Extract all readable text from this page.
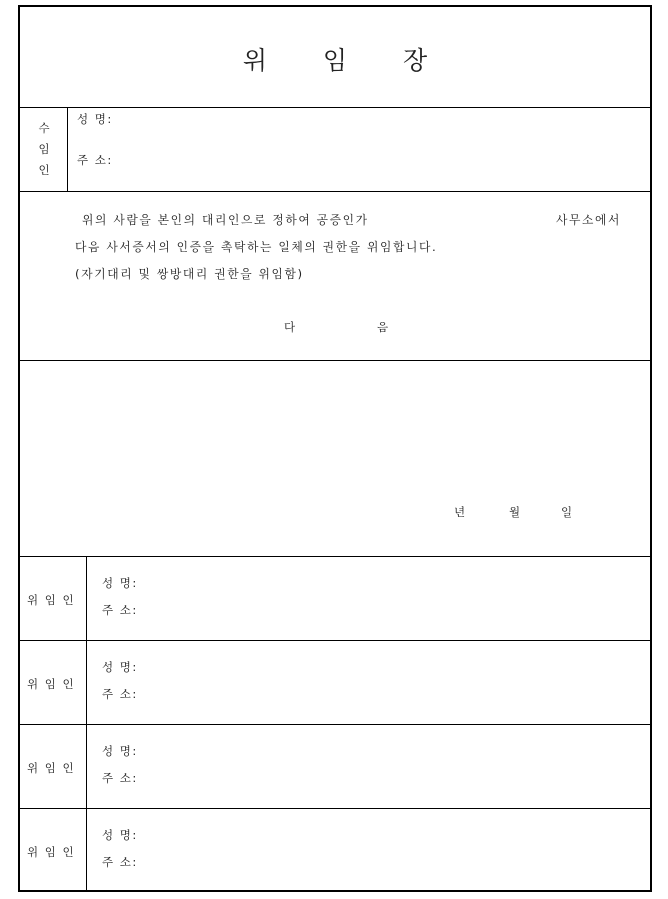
위 임 장
수
임
인
성 명:
주 소:
위의 사람을 본인의 대리인으로 정하여 공증인가	사무소에서
다음 사서증서의 인증을 촉탁하는 일체의 권한을 위임합니다.
(자기대리 및 쌍방대리 권한을 위임함)
다	음
년	월	일
위 임 인
성 명:
주 소:
위 임 인
성 명:
주 소:
위 임 인
성 명:
주 소:
위 임 인
성 명:
주 소:
